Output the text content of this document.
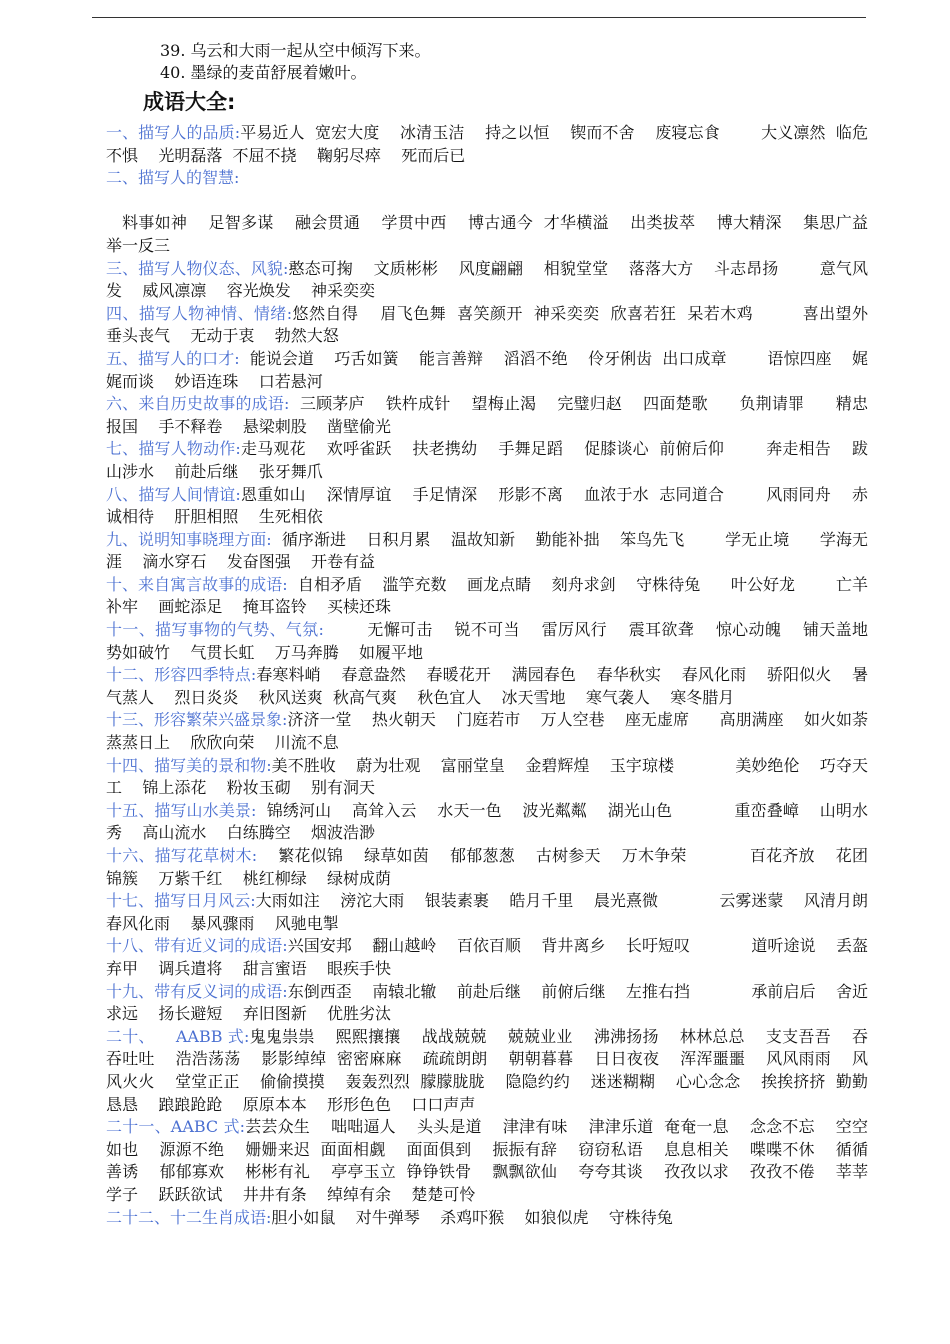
39. 乌云和大雨一起从空中倾泻下来。
40. 墨绿的麦苗舒展着嫩叶。
成语大全:

一、描写人的品质:平易近人  宽宏大度    冰清玉洁    持之以恒    锲而不舍    废寝忘食        大义凛然  临危不惧    光明磊落  不屈不挠    鞠躬尽瘁    死而后已

二、描写人的智慧:

料事如神    足智多谋    融会贯通    学贯中西    博古通今  才华横溢    出类拔萃    博大精深    集思广益    举一反三

三、描写人物仪态、风貌:憨态可掬    文质彬彬    风度翩翩    相貌堂堂    落落大方    斗志昂扬        意气风发    威风凛凛    容光焕发    神采奕奕

四、描写人物神情、情绪:悠然自得    眉飞色舞  喜笑颜开  神采奕奕  欣喜若狂  呆若木鸡         喜出望外    垂头丧气    无动于衷    勃然大怒

五、描写人的口才:  能说会道    巧舌如簧    能言善辩    滔滔不绝    伶牙俐齿  出口成章        语惊四座    娓娓而谈    妙语连珠    口若悬河

六、来自历史故事的成语:  三顾茅庐    铁杵成针    望梅止渴    完璧归赵    四面楚歌      负荆请罪      精忠报国    手不释卷    悬梁刺股    凿壁偷光

七、描写人物动作:走马观花    欢呼雀跃    扶老携幼    手舞足蹈    促膝谈心  前俯后仰        奔走相告    跋山涉水    前赴后继    张牙舞爪

八、描写人间情谊:恩重如山    深情厚谊    手足情深    形影不离    血浓于水  志同道合        风雨同舟    赤诚相待    肝胆相照    生死相依

九、说明知事晓理方面:  循序渐进    日积月累    温故知新    勤能补拙    笨鸟先飞        学无止境      学海无涯    滴水穿石    发奋图强    开卷有益

十、来自寓言故事的成语:  自相矛盾    滥竽充数    画龙点睛    刻舟求剑    守株待兔      叶公好龙        亡羊补牢    画蛇添足    掩耳盗铃    买椟还珠

十一、描写事物的气势、气氛:        无懈可击    锐不可当    雷厉风行    震耳欲聋    惊心动魄    铺天盖地    势如破竹    气贯长虹    万马奔腾    如履平地

十二、形容四季特点:春寒料峭    春意盎然    春暖花开    满园春色    春华秋实    春风化雨    骄阳似火    暑气蒸人    烈日炎炎    秋风送爽  秋高气爽    秋色宜人    冰天雪地    寒气袭人    寒冬腊月

十三、形容繁荣兴盛景象:济济一堂    热火朝天    门庭若市    万人空巷    座无虚席      高朋满座    如火如荼    蒸蒸日上    欣欣向荣    川流不息

十四、描写美的景和物:美不胜收    蔚为壮观    富丽堂皇    金碧辉煌    玉宇琼楼            美妙绝伦    巧夺天工    锦上添花    粉妆玉砌    别有洞天

十五、描写山水美景:  锦绣河山    高耸入云    水天一色    波光粼粼    湖光山色            重峦叠嶂    山明水秀    高山流水    白练腾空    烟波浩渺

十六、描写花草树木:    繁花似锦    绿草如茵    郁郁葱葱    古树参天    万木争荣            百花齐放    花团锦簇    万紫千红    桃红柳绿    绿树成荫

十七、描写日月风云:大雨如注    滂沱大雨    银装素裹    皓月千里    晨光熹微            云雾迷蒙    风清月朗    春风化雨    暴风骤雨    风驰电掣

十八、带有近义词的成语:兴国安邦    翻山越岭    百依百顺    背井离乡    长吁短叹            道听途说    丢盔弃甲    调兵遣将    甜言蜜语    眼疾手快

十九、带有反义词的成语:东倒西歪    南辕北辙    前赴后继    前俯后继    左推右挡            承前启后    舍近求远    扬长避短    弃旧图新    优胜劣汰

二十、    AABB 式:鬼鬼祟祟    熙熙攘攘    战战兢兢    兢兢业业    沸沸扬扬    林林总总    支支吾吾    吞吞吐吐    浩浩荡荡    影影绰绰  密密麻麻    疏疏朗朗    朝朝暮暮    日日夜夜    浑浑噩噩    风风雨雨    风风火火    堂堂正正    偷偷摸摸    轰轰烈烈  朦朦胧胧    隐隐约约    迷迷糊糊    心心念念    挨挨挤挤  勤勤恳恳    踉踉跄跄    原原本本    形形色色    口口声声

二十一、AABC 式:芸芸众生    咄咄逼人    头头是道    津津有味    津津乐道  奄奄一息    念念不忘    空空如也    源源不绝    姗姗来迟  面面相觑    面面俱到    振振有辞    窃窃私语    息息相关    喋喋不休    循循善诱    郁郁寡欢    彬彬有礼    亭亭玉立  铮铮铁骨    飘飘欲仙    夸夸其谈    孜孜以求    孜孜不倦    莘莘学子    跃跃欲试    井井有条    绰绰有余    楚楚可怜

二十二、十二生肖成语:胆小如鼠    对牛弹琴    杀鸡吓猴    如狼似虎    守株待兔
